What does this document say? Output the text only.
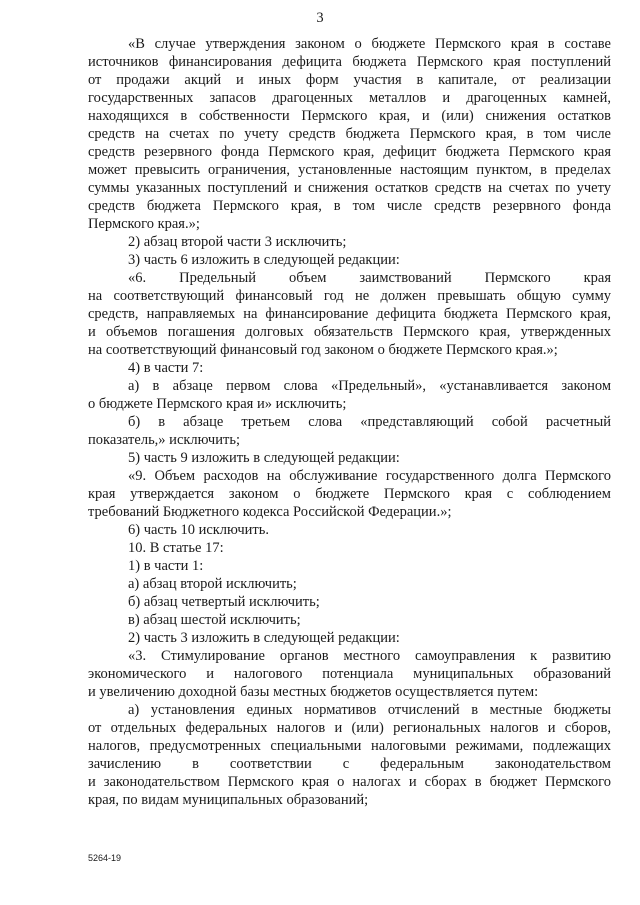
3
«В случае утверждения законом о бюджете Пермского края в составе
источников финансирования дефицита бюджета Пермского края поступлений
от продажи акций и иных форм участия в капитале, от реализации
государственных запасов драгоценных металлов и драгоценных камней,
находящихся в собственности Пермского края, и (или) снижения остатков
средств на счетах по учету средств бюджета Пермского края, в том числе
средств резервного фонда Пермского края, дефицит бюджета Пермского края
может превысить ограничения, установленные настоящим пунктом, в пределах
суммы указанных поступлений и снижения остатков средств на счетах по учету
средств бюджета Пермского края, в том числе средств резервного фонда
Пермского края.»;
2) абзац второй части 3 исключить;
3) часть 6 изложить в следующей редакции:
«6. Предельный объем заимствований Пермского края
на соответствующий финансовый год не должен превышать общую сумму
средств, направляемых на финансирование дефицита бюджета Пермского края,
и объемов погашения долговых обязательств Пермского края, утвержденных
на соответствующий финансовый год законом о бюджете Пермского края.»;
4) в части 7:
а) в абзаце первом слова «Предельный», «устанавливается законом
о бюджете Пермского края и» исключить;
б) в абзаце третьем слова «представляющий собой расчетный
показатель,» исключить;
5) часть 9 изложить в следующей редакции:
«9. Объем расходов на обслуживание государственного долга Пермского
края утверждается законом о бюджете Пермского края с соблюдением
требований Бюджетного кодекса Российской Федерации.»;
6) часть 10 исключить.
10. В статье 17:
1) в части 1:
а) абзац второй исключить;
б) абзац четвертый исключить;
в) абзац шестой исключить;
2) часть 3 изложить в следующей редакции:
«3. Стимулирование органов местного самоуправления к развитию
экономического и налогового потенциала муниципальных образований
и увеличению доходной базы местных бюджетов осуществляется путем:
а) установления единых нормативов отчислений в местные бюджеты
от отдельных федеральных налогов и (или) региональных налогов и сборов,
налогов, предусмотренных специальными налоговыми режимами, подлежащих
зачислению в соответствии с федеральным законодательством
и законодательством Пермского края о налогах и сборах в бюджет Пермского
края, по видам муниципальных образований;
5264-19
